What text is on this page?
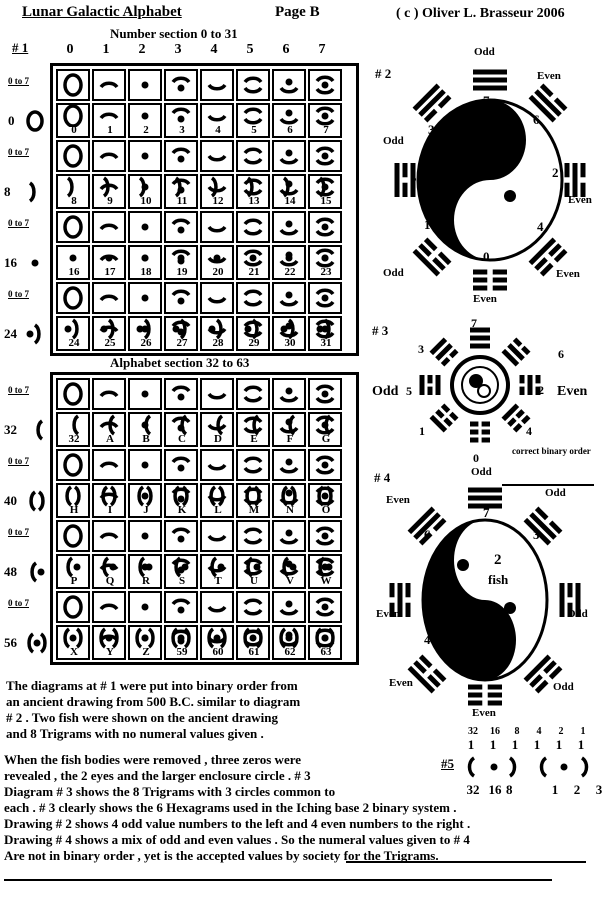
Lunar Galactic Alphabet	Page B	( c ) Oliver L. Brasseur 2006
# 1
Number section 0 to 31
0	1	2	3	4	5	6	7
0	1	2	3	4	5	6	7
8	9	10	11	12	13	14	15
16	17	18	19	20	21	22	23
24	25	26	27	28	29	30	31
32	A	B	C	D	E	F	G
H	I	J	K	L	M	N	O
P	Q	R	S	T	U	V	W
X	Y	Z	59	60	61	62	63
Alphabet section 32 to 63
0 to 7
0
0 to 7
8
0 to 7
16
0 to 7
24
0 to 7
32
0 to 7
40
0 to 7
48
0 to 7
56
# 2
# 3
# 4
Odd
Even
Odd
Even
Odd	Even
Even
7
6
3
5	2
1	4
0
Odd	Even
Odd
7
6
3
5	2
1	4
0	correct binary order
Even
Odd
Odd
Even
Even	Odd
Even
7
6	3
2
fish
4
0
32 16 8 4 2 1
#5
1 1 1 1 1 1
32 16 8	1 2 3
The diagrams at # 1 were put into binary order from
an ancient drawing from 500 B.C. similar to diagram
# 2 . Two fish were shown on the ancient drawing
and 8 Trigrams with no numeral values given .
When the fish bodies were removed , three zeros were
revealed , the 2 eyes and the larger enclosure circle . # 3
Diagram # 3 shows the 8 Trigrams with 3 circles common to
each . # 3 clearly shows the 6 Hexagrams used in the Iching base 2 binary system .
Drawing # 2 shows 4 odd value numbers to the left and 4 even numbers to the right .
Drawing # 4 shows a mix of odd and even values . So the numeral values given to # 4
Are not in binary order , yet is the accepted values by society for the Trigrams.
